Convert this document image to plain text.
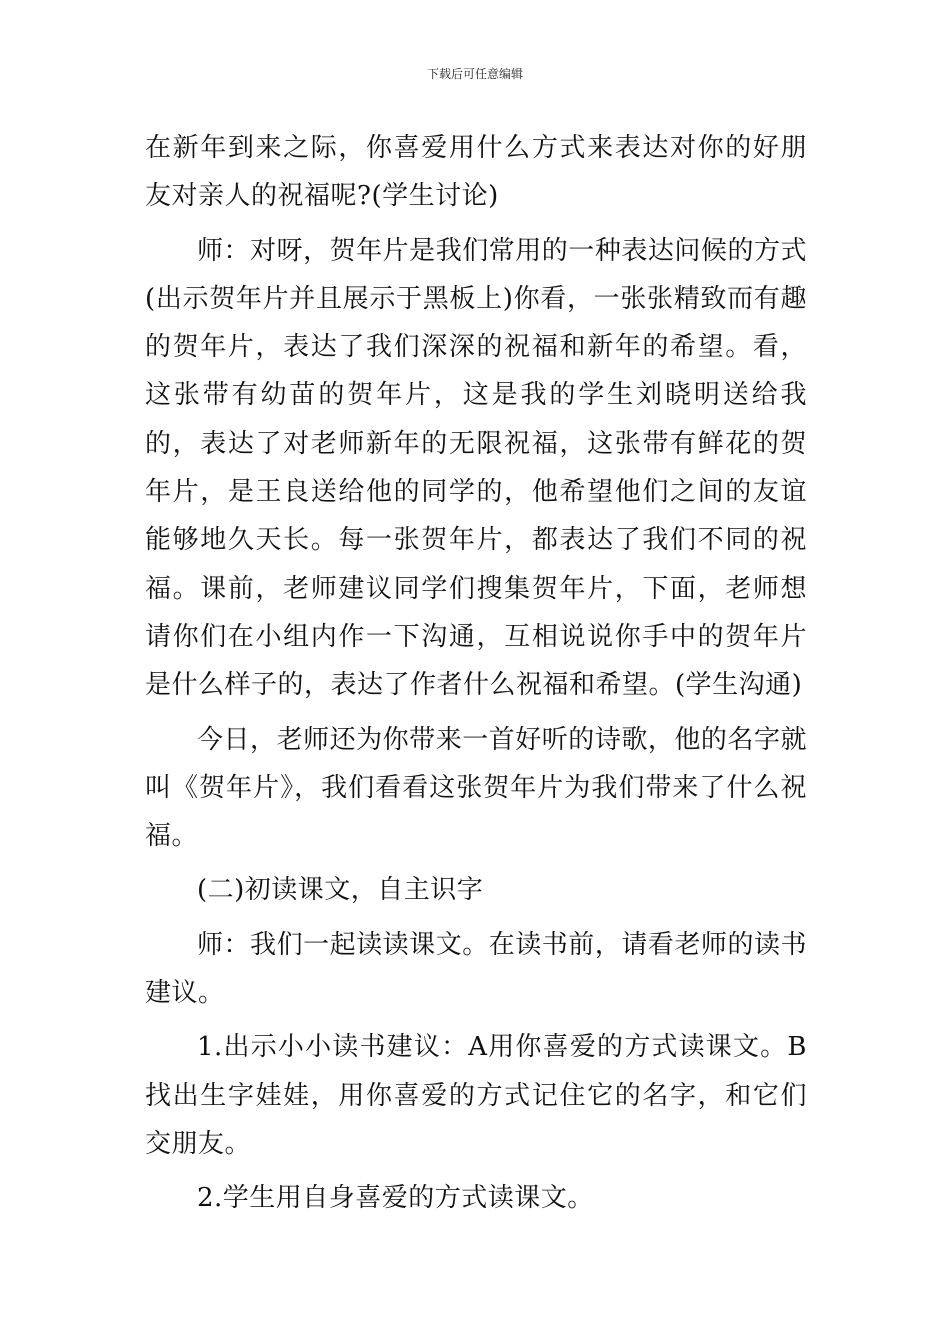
下载后可任意编辑

在新年到来之际，你喜爱用什么方式来表达对你的好朋友对亲人的祝福呢?(学生讨论)

师：对呀，贺年片是我们常用的一种表达问候的方式(出示贺年片并且展示于黑板上)你看，一张张精致而有趣的贺年片，表达了我们深深的祝福和新年的希望。看，这张带有幼苗的贺年片，这是我的学生刘晓明送给我的，表达了对老师新年的无限祝福，这张带有鲜花的贺年片，是王良送给他的同学的，他希望他们之间的友谊能够地久天长。每一张贺年片，都表达了我们不同的祝福。课前，老师建议同学们搜集贺年片，下面，老师想请你们在小组内作一下沟通，互相说说你手中的贺年片是什么样子的，表达了作者什么祝福和希望。(学生沟通)

今日，老师还为你带来一首好听的诗歌，他的名字就叫《贺年片》，我们看看这张贺年片为我们带来了什么祝福。

(二)初读课文，自主识字

师：我们一起读读课文。在读书前，请看老师的读书建议。

1.出示小小读书建议：A用你喜爱的方式读课文。B找出生字娃娃，用你喜爱的方式记住它的名字，和它们交朋友。

2.学生用自身喜爱的方式读课文。
